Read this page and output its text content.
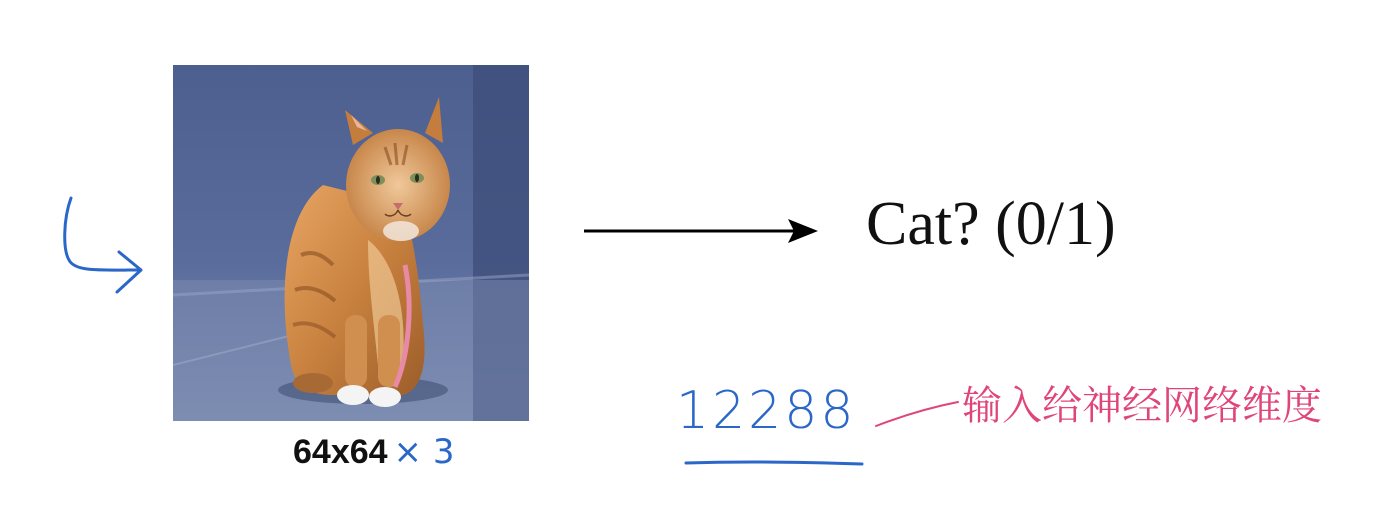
64x64 × 3
Cat? (0/1)
12288	输入给神经网络维度
